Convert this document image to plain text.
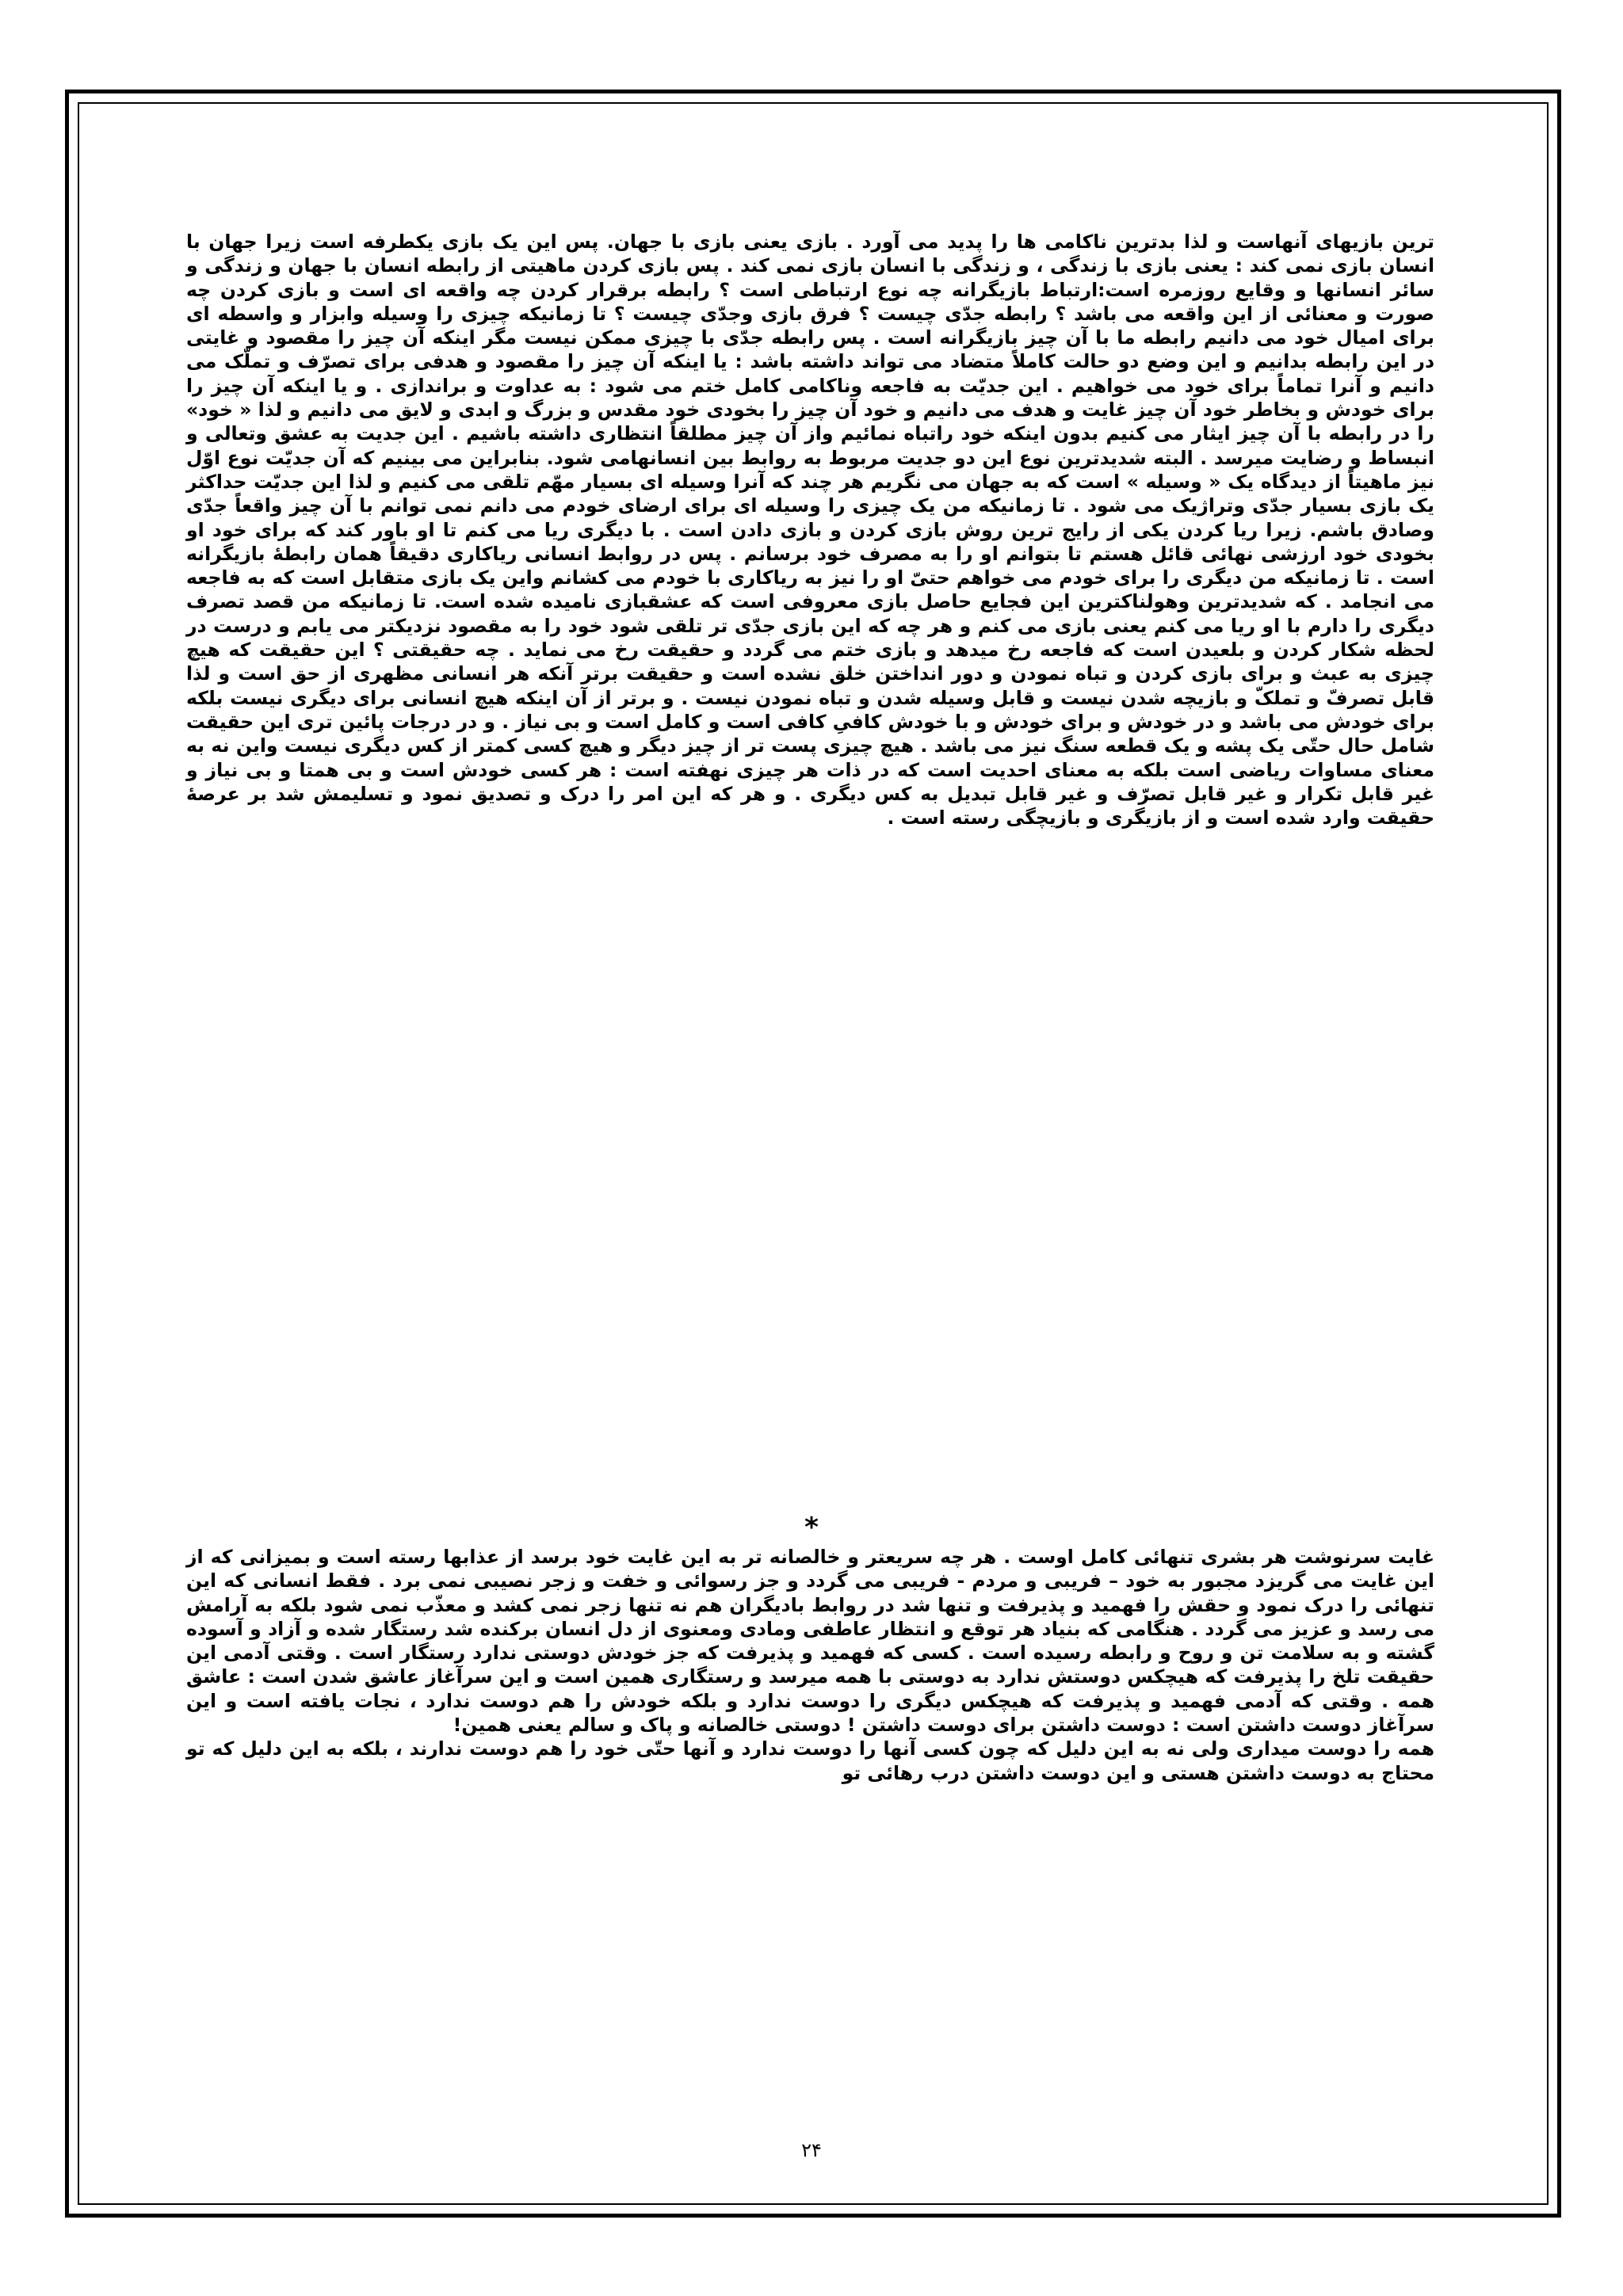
ترین بازیهای آنهاست و لذا بدترین ناکامی ها را پدید می آورد . بازی یعنی بازی با جهان. پس این یک بازی یکطرفه است زیرا جهان با انسان بازی نمی کند : یعنی بازی با زندگی ، و زندگی با انسان بازی نمی کند . پس بازی کردن ماهیتی از رابطه انسان با جهان و زندگی و سائر انسانها و وقایع روزمره است:ارتباط بازیگرانه چه نوع ارتباطی است ؟ رابطه برقرار کردن چه واقعه ای است و بازی کردن چه صورت و معنائی از این واقعه می باشد ؟ رابطه جدّی چیست ؟ فرق بازی وجدّی چیست ؟ تا زمانیکه چیزی را وسیله وابزار و واسطه ای برای امیال خود می دانیم رابطه ما با آن چیز بازیگرانه است . پس رابطه جدّی با چیزی ممکن نیست مگر اینکه آن چیز را مقصود و غایتی در این رابطه بدانیم و این وضع دو حالت کاملاً متضاد می تواند داشته باشد : یا اینکه آن چیز را مقصود و هدفی برای تصرّف و تملّک می دانیم و آنرا تماماً برای خود می خواهیم . این جدیّت به فاجعه وناکامی کامل ختم می شود : به عداوت و براندازی . و یا اینکه آن چیز را برای خودش و بخاطر خود آن چیز غایت و هدف می دانیم و خود آن چیز را بخودی خود مقدس و بزرگ و ابدی و لایق می دانیم و لذا « خود» را در رابطه با آن چیز ایثار می کنیم بدون اینکه خود راتباه نمائیم واز آن چیز مطلقاً انتظاری داشته باشیم . این جدیت به عشق وتعالی و انبساط و رضایت میرسد . البته شدیدترین نوع این دو جدیت مربوط به روابط بین انسانهامی شود. بنابراین می بینیم که آن جدیّت نوع اوّل نیز ماهیتاً از دیدگاه یک « وسیله » است که به جهان می نگریم هر چند که آنرا وسیله ای بسیار مهّم تلقی می کنیم و لذا این جدیّت حداکثر یک بازی بسیار جدّی وتراژیک می شود . تا زمانیکه من یک چیزی را وسیله ای برای ارضای خودم می دانم نمی توانم با آن چیز واقعاً جدّی وصادق باشم. زیرا ریا کردن یکی از رایج ترین روش بازی کردن و بازی دادن است . با دیگری ریا می کنم تا او باور کند که برای خود او بخودی خود ارزشی نهائی قائل هستم تا بتوانم او را به مصرف خود برسانم . پس در روابط انسانی ریاکاری دقیقاً همان رابطهٔ بازیگرانه است . تا زمانیکه من دیگری را برای خودم می خواهم حتیّ او را نیز به ریاکاری با خودم می کشانم واین یک بازی متقابل است که به فاجعه می انجامد . که شدیدترین وهولناکترین این فجایع حاصل بازی معروفی است که عشقبازی نامیده شده است. تا زمانیکه من قصد تصرف دیگری را دارم با او ریا می کنم یعنی بازی می کنم و هر چه که این بازی جدّی تر تلقی شود خود را به مقصود نزدیکتر می یابم و درست در لحظه شکار کردن و بلعیدن است که فاجعه رخ میدهد و بازی ختم می گردد و حقیقت رخ می نماید . چه حقیقتی ؟ این حقیقت که هیچ چیزی به عبث و برای بازی کردن و تباه نمودن و دور انداختن خلق نشده است و حقیقت برتر آنکه هر انسانی مظهری از حق است و لذا قابل تصرفّ و تملکّ و بازیچه شدن نیست و قابل وسیله شدن و تباه نمودن نیست . و برتر از آن اینکه هیچ انسانی برای دیگری نیست بلکه برای خودش می باشد و در خودش و برای خودش و با خودش کافیِ کافی است و کامل است و بی نیاز . و در درجات پائین تری این حقیقت شامل حال حتّی یک پشه و یک قطعه سنگ نیز می باشد . هیچ چیزی پست تر از چیز دیگر و هیچ کسی کمتر از کس دیگری نیست واین نه به معنای مساوات ریاضی است بلکه به معنای احدیت است که در ذات هر چیزی نهفته است : هر کسی خودش است و بی همتا و بی نیاز و غیر قابل تکرار و غیر قابل تصرّف و غیر قابل تبدیل به کس دیگری . و هر که این امر را درک و تصدیق نمود و تسلیمش شد بر عرصهٔ حقیقت وارد شده است و از بازیگری و بازیچگی رسته است .

*

غایت سرنوشت هر بشری تنهائی کامل اوست . هر چه سریعتر و خالصانه تر به این غایت خود برسد از عذابها رسته است و بمیزانی که از این غایت می گریزد مجبور به خود – فریبی و مردم - فریبی می گردد و جز رسوائی و خفت و زجر نصیبی نمی برد . فقط انسانی که این تنهائی را درک نمود و حقش را فهمید و پذیرفت و تنها شد در روابط بادیگران هم نه تنها زجر نمی کشد و معذّب نمی شود بلکه به آرامش می رسد و عزیز می گردد . هنگامی که بنیاد هر توقع و انتظار عاطفی ومادی ومعنوی از دل انسان برکنده شد رستگار شده و آزاد و آسوده گشته و به سلامت تن و روح و رابطه رسیده است . کسی که فهمید و پذیرفت که جز خودش دوستی ندارد رستگار است . وقتی آدمی این حقیقت تلخ را پذیرفت که هیچکس دوستش ندارد به دوستی با همه میرسد و رستگاری همین است و این سرآغاز عاشق شدن است : عاشق همه . وقتی که آدمی فهمید و پذیرفت که هیچکس دیگری را دوست ندارد و بلکه خودش را هم دوست ندارد ، نجات یافته است و این سرآغاز دوست داشتن است : دوست داشتن برای دوست داشتن ! دوستی خالصانه و پاک و سالم یعنی همین!

همه را دوست میداری ولی نه به این دلیل که چون کسی آنها را دوست ندارد و آنها حتّی خود را هم دوست ندارند ، بلکه به این دلیل که تو محتاج به دوست داشتن هستی و این دوست داشتن درب رهائی تو

۲۴
